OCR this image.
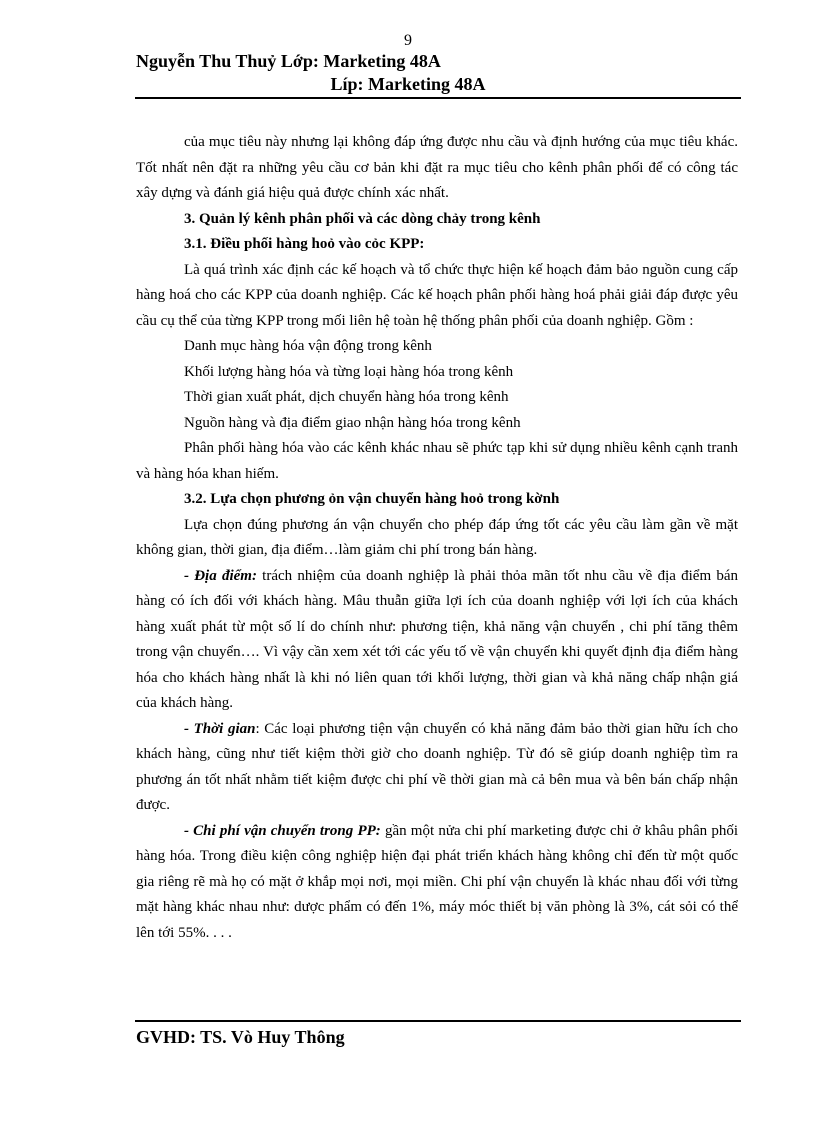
9
Nguyễn Thu Thuỷ Lớp: Marketing 48A
Líp: Marketing 48A

của mục tiêu này nhưng lại không đáp ứng được nhu cầu và định hướng của mục tiêu khác. Tốt nhất nên đặt ra những yêu cầu cơ bản khi đặt ra mục tiêu cho kênh phân phối để có công tác xây dựng và đánh giá hiệu quả được chính xác nhất.

3. Quản lý kênh phân phối và các dòng chảy trong kênh

3.1. Điều phối hàng hoỏ vào cỏc KPP:

Là quá trình xác định các kế hoạch và tổ chức thực hiện kế hoạch đảm bảo nguồn cung cấp hàng hoá cho các KPP của doanh nghiệp. Các kế hoạch phân phối hàng hoá phải giải đáp được yêu cầu cụ thể của từng KPP trong mối liên hệ toàn hệ thống phân phối của doanh nghiệp. Gồm :

Danh mục hàng hóa vận động trong kênh

Khối lượng hàng hóa và từng loại hàng hóa trong kênh

Thời gian xuất phát, dịch chuyển hàng hóa trong kênh

Nguồn hàng và địa điểm giao nhận hàng hóa trong kênh

Phân phối hàng hóa vào các kênh khác nhau sẽ phức tạp khi sử dụng nhiều kênh cạnh tranh và hàng hóa khan hiếm.

3.2. Lựa chọn phương ỏn vận chuyển hàng hoỏ trong kờnh

Lựa chọn đúng phương án vận chuyển cho phép đáp ứng tốt các yêu cầu làm gần về mặt không gian, thời gian, địa điểm…làm giảm chi phí trong bán hàng.

- Địa điểm: trách nhiệm của doanh nghiệp là phải thỏa mãn tốt nhu cầu về địa điểm bán hàng có ích đối với khách hàng. Mâu thuẫn giữa lợi ích của doanh nghiệp với lợi ích của khách hàng xuất phát từ một số lí do chính như: phương tiện, khả năng vận chuyển , chi phí tăng thêm trong vận chuyển…. Vì vậy cần xem xét tới các yếu tố về vận chuyển khi quyết định địa điểm hàng hóa cho khách hàng nhất là khi nó liên quan tới khối lượng, thời gian và khả năng chấp nhận giá của khách hàng.

- Thời gian: Các loại phương tiện vận chuyển có khả năng đảm bảo thời gian hữu ích cho khách hàng, cũng như tiết kiệm thời giờ cho doanh nghiệp. Từ đó sẽ giúp doanh nghiệp tìm ra phương án tốt nhất nhằm tiết kiệm được chi phí về thời gian mà cả bên mua và bên bán chấp nhận được.

- Chi phí vận chuyển trong PP: gần một nửa chi phí marketing được chi ở khâu phân phối hàng hóa. Trong điều kiện công nghiệp hiện đại phát triển khách hàng không chỉ đến từ một quốc gia riêng rẽ mà họ có mặt ở khắp mọi nơi, mọi miền. Chi phí vận chuyển là khác nhau đối với từng mặt hàng khác nhau như: dược phẩm có đến 1%, máy móc thiết bị văn phòng là 3%, cát sỏi có thể lên tới 55%. . . .

GVHD: TS. Vò Huy Thông
